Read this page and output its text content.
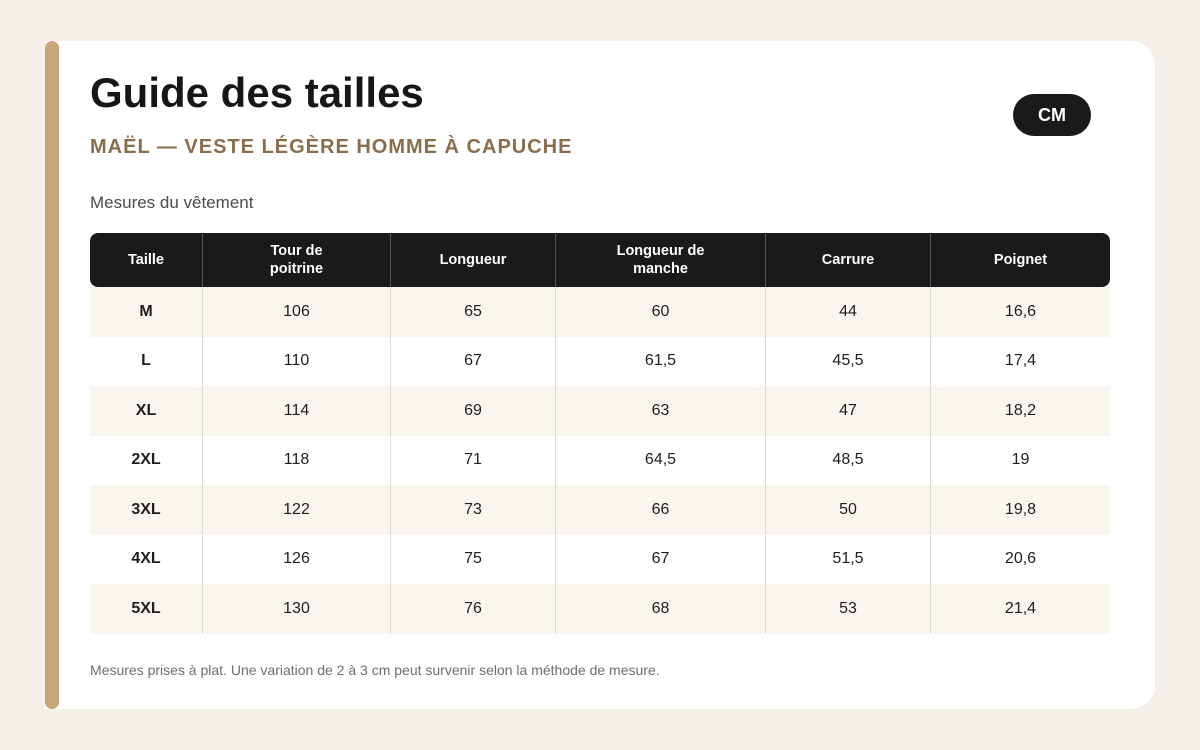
Guide des tailles
MAËL — VESTE LÉGÈRE HOMME À CAPUCHE
CM

Mesures du vêtement

Taille	Tour de poitrine	Longueur	Longueur de manche	Carrure	Poignet
M	106	65	60	44	16,6
L	110	67	61,5	45,5	17,4
XL	114	69	63	47	18,2
2XL	118	71	64,5	48,5	19
3XL	122	73	66	50	19,8
4XL	126	75	67	51,5	20,6
5XL	130	76	68	53	21,4

Mesures prises à plat. Une variation de 2 à 3 cm peut survenir selon la méthode de mesure.
